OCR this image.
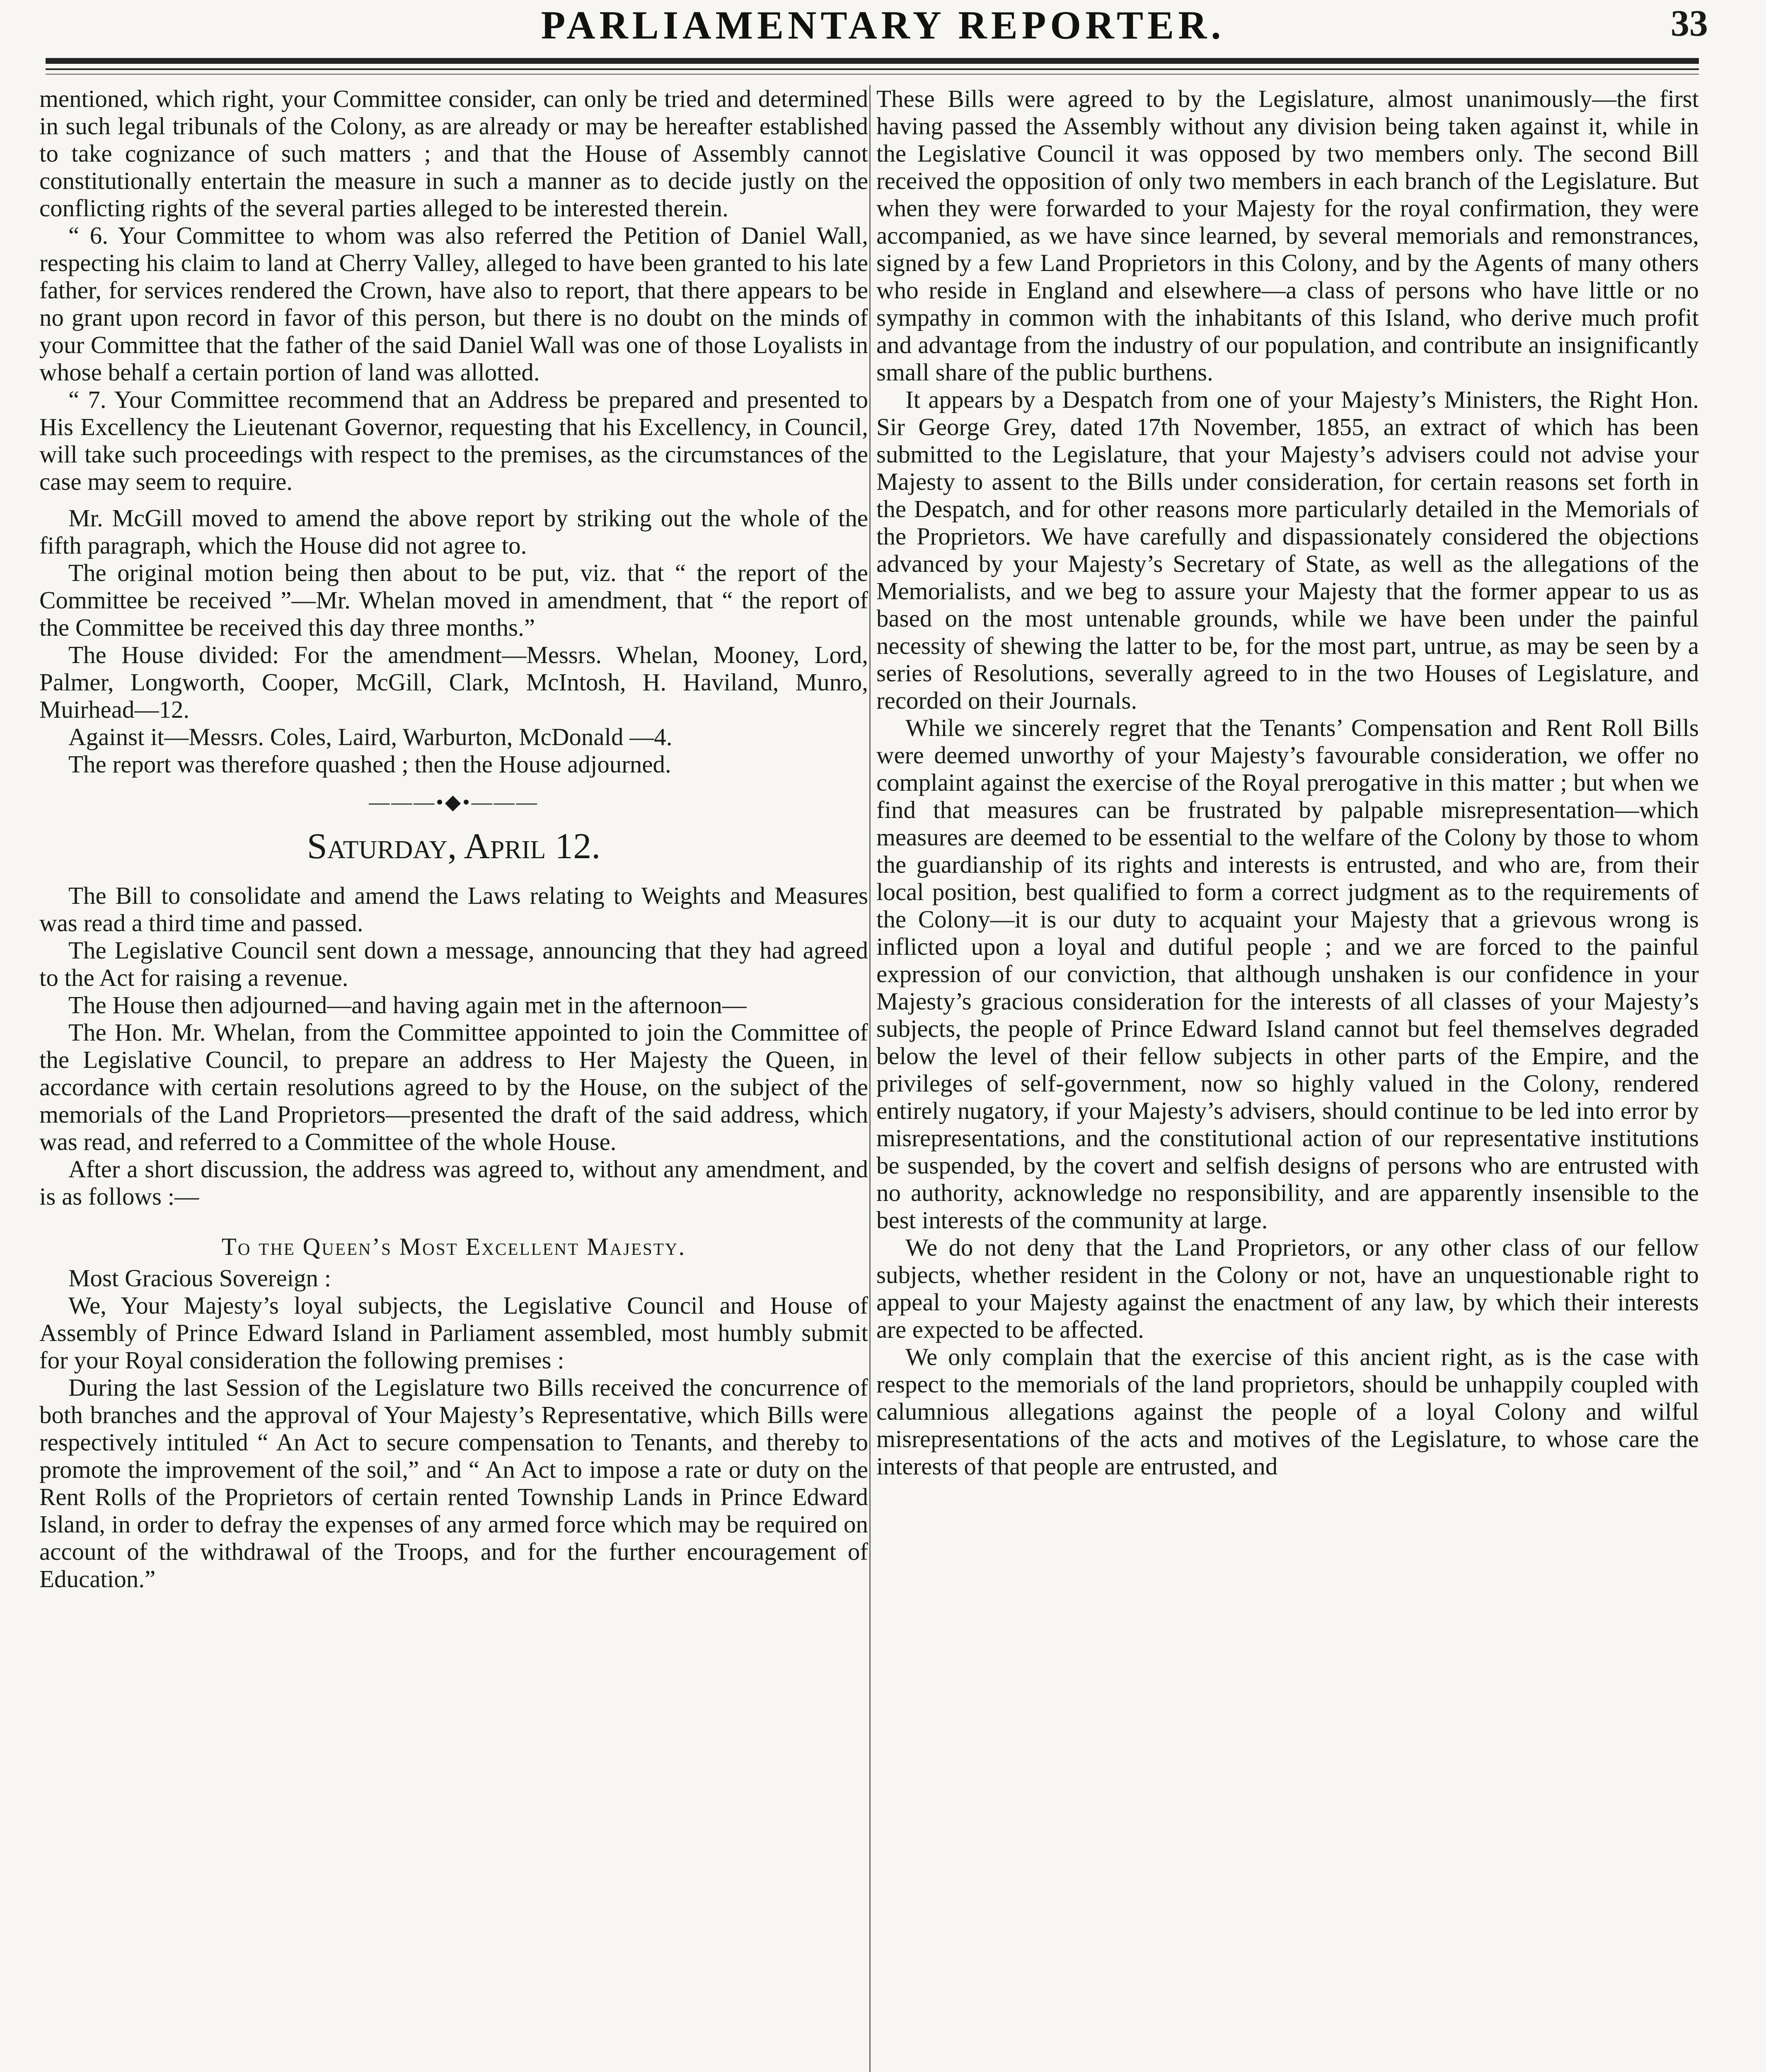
PARLIAMENTARY REPORTER.	33

mentioned, which right, your Committee consider, can only be tried and determined in such legal tribunals of the Colony, as are already or may be hereafter established to take cognizance of such matters ; and that the House of Assembly cannot constitutionally entertain the measure in such a manner as to decide justly on the conflicting rights of the several parties alleged to be interested therein.

“ 6. Your Committee to whom was also referred the Petition of Daniel Wall, respecting his claim to land at Cherry Valley, alleged to have been granted to his late father, for services rendered the Crown, have also to report, that there appears to be no grant upon record in favor of this person, but there is no doubt on the minds of your Committee that the father of the said Daniel Wall was one of those Loyalists in whose behalf a certain portion of land was allotted.

“ 7. Your Committee recommend that an Address be prepared and presented to His Excellency the Lieutenant Governor, requesting that his Excellency, in Council, will take such proceedings with respect to the premises, as the circumstances of the case may seem to require.

Mr. McGill moved to amend the above report by striking out the whole of the fifth paragraph, which the House did not agree to.

The original motion being then about to be put, viz. that “ the report of the Committee be received ”—Mr. Whelan moved in amendment, that “ the report of the Committee be received this day three months.”

The House divided: For the amendment—Messrs. Whelan, Mooney, Lord, Palmer, Longworth, Cooper, McGill, Clark, McIntosh, H. Haviland, Munro, Muirhead—12.

Against it—Messrs. Coles, Laird, Warburton, McDonald —4.

The report was therefore quashed ; then the House adjourned.

———•◆•———
Saturday, April 12.

The Bill to consolidate and amend the Laws relating to Weights and Measures was read a third time and passed.

The Legislative Council sent down a message, announcing that they had agreed to the Act for raising a revenue.

The House then adjourned—and having again met in the afternoon—

The Hon. Mr. Whelan, from the Committee appointed to join the Committee of the Legislative Council, to prepare an address to Her Majesty the Queen, in accordance with certain resolutions agreed to by the House, on the subject of the memorials of the Land Proprietors—presented the draft of the said address, which was read, and referred to a Committee of the whole House.

After a short discussion, the address was agreed to, without any amendment, and is as follows :—

To the Queen’s Most Excellent Majesty.

Most Gracious Sovereign :

We, Your Majesty’s loyal subjects, the Legislative Council and House of Assembly of Prince Edward Island in Parliament assembled, most humbly submit for your Royal consideration the following premises :

During the last Session of the Legislature two Bills received the concurrence of both branches and the approval of Your Majesty’s Representative, which Bills were respectively intituled “ An Act to secure compensation to Tenants, and thereby to promote the improvement of the soil,” and “ An Act to impose a rate or duty on the Rent Rolls of the Proprietors of certain rented Township Lands in Prince Edward Island, in order to defray the expenses of any armed force which may be required on account of the withdrawal of the Troops, and for the further encouragement of Education.”

These Bills were agreed to by the Legislature, almost unanimously—the first having passed the Assembly without any division being taken against it, while in the Legislative Council it was opposed by two members only. The second Bill received the opposition of only two members in each branch of the Legislature. But when they were forwarded to your Majesty for the royal confirmation, they were accompanied, as we have since learned, by several memorials and remonstrances, signed by a few Land Proprietors in this Colony, and by the Agents of many others who reside in England and elsewhere—a class of persons who have little or no sympathy in common with the inhabitants of this Island, who derive much profit and advantage from the industry of our population, and contribute an insignificantly small share of the public burthens.

It appears by a Despatch from one of your Majesty’s Ministers, the Right Hon. Sir George Grey, dated 17th November, 1855, an extract of which has been submitted to the Legislature, that your Majesty’s advisers could not advise your Majesty to assent to the Bills under consideration, for certain reasons set forth in the Despatch, and for other reasons more particularly detailed in the Memorials of the Proprietors. We have carefully and dispassionately considered the objections advanced by your Majesty’s Secretary of State, as well as the allegations of the Memorialists, and we beg to assure your Majesty that the former appear to us as based on the most untenable grounds, while we have been under the painful necessity of shewing the latter to be, for the most part, untrue, as may be seen by a series of Resolutions, severally agreed to in the two Houses of Legislature, and recorded on their Journals.

While we sincerely regret that the Tenants’ Compensation and Rent Roll Bills were deemed unworthy of your Majesty’s favourable consideration, we offer no complaint against the exercise of the Royal prerogative in this matter ; but when we find that measures can be frustrated by palpable misrepresentation—which measures are deemed to be essential to the welfare of the Colony by those to whom the guardianship of its rights and interests is entrusted, and who are, from their local position, best qualified to form a correct judgment as to the requirements of the Colony—it is our duty to acquaint your Majesty that a grievous wrong is inflicted upon a loyal and dutiful people ; and we are forced to the painful expression of our conviction, that although unshaken is our confidence in your Majesty’s gracious consideration for the interests of all classes of your Majesty’s subjects, the people of Prince Edward Island cannot but feel themselves degraded below the level of their fellow subjects in other parts of the Empire, and the privileges of self-government, now so highly valued in the Colony, rendered entirely nugatory, if your Majesty’s advisers, should continue to be led into error by misrepresentations, and the constitutional action of our representative institutions be suspended, by the covert and selfish designs of persons who are entrusted with no authority, acknowledge no responsibility, and are apparently insensible to the best interests of the community at large.

We do not deny that the Land Proprietors, or any other class of our fellow subjects, whether resident in the Colony or not, have an unquestionable right to appeal to your Majesty against the enactment of any law, by which their interests are expected to be affected.

We only complain that the exercise of this ancient right, as is the case with respect to the memorials of the land proprietors, should be unhappily coupled with calumnious allegations against the people of a loyal Colony and wilful misrepresentations of the acts and motives of the Legislature, to whose care the interests of that people are entrusted, and
